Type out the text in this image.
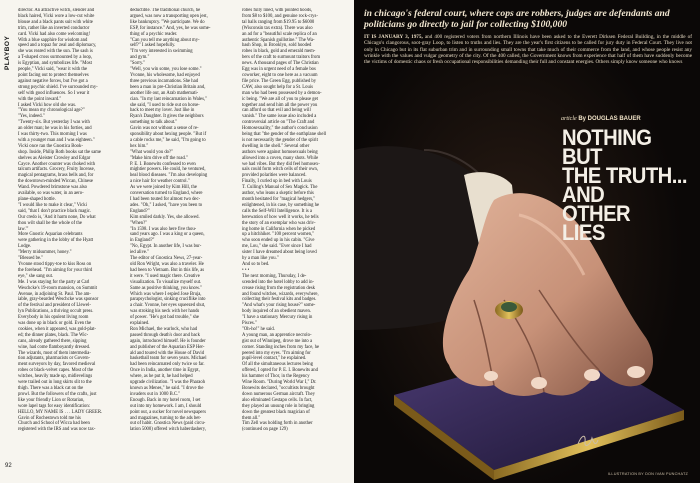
PLAYBOY
director. An attractive witch, slender and
black haired, Vicki wore a low-cut white
blouse and a black pants suit with white
trim, rather like an inverted conductor
card. Vicki had also come welcoming!
With a blue sapphire for wisdom and
speed and a topaz for zeal and diplomacy,
she was reared with the sun. The sash is
a T-shaped cross surmounted by a loop,
is Egyptian, and symbolizes life. "Most
people," Vicki said, "wear it with the
point facing out to protect themselves
against negative forces, but I've got a
strong psychic shield. I've surrounded my-
self with good influences. So I wear it
with the point inward."
I asked Vicki how old she was.
"You mean my chronological age?"
"Yes, indeed."
"Twenty-six. But yesterday I was with
an older man; he was in his forties, and
I was thirty-two. This morning I was
with a younger man and I was eighteen."
Vicki once ran the Gnostica Book-
shop. Inside, Philip Roth books sat the same
shelves as Aleister Crowley and Edgar
Cayce. Another counter was choked with
talcum artifacts. Grocery, Fruity Incense,
magical pentagrams, brass bells and, for
the downtown-minded Wiccan, Chinese
Wand. Powdered brimstone was also
available, so was water, in an aero-
plane-shaped bottle.
"I would like to make it clear," Vicki
said, "that I don't practice black magic.
Our credo is, 'And it harm none, Do what
thou wilt shall be the whole of the
law.'"
More Gnostic Aquarian celebrants
were gathering in the lobby of the Hyatt
Lodge.
"Merry midsummer, honey."
"Blessed be."
Yvonne stood tippy-toe to kiss Ross on
the forehead. "I'm aiming for your third
eye," she sang out.
Me. I was staying for the party at Carl
Weschcke's 19-room mansion, on Summit
Avenue, in adjoining St. Paul. The am-
iable, gray-bearded Weschcke was sponsor
of the festival and president of Llewel-
lyn Publications, a thriving occult press.
Everybody in his opulent living room
was done up in black or gold. Even the
cookies, when it appeared, was gold-plat-
ed; the dinner plates, black. The Wic-
cans, already gathered there, sipping
wine, had come flamboyantly dressed.
The wizards, most of them intermedia-
tion adjutants, pharmacists or Govern-
ment surveyors by day, favored medieval
robes or black-velvet capes. Most of the
witches, heavily made up, midlevelings
were trailed out in long skirts slit to the
thigh. There was a black cat on the
prowl. But the followers of the crafts, just
like your friendly Lion or Rotarian,
wore lapel tags for easy identification:
HELLO, MY NAME IS . . . LADY GREER.
Gavin of Rochestown told me his
Church and School of Wicca had been
registered with the IRS and was now tax-
deductible. The traditional church, he
argued, was now a transporting open jest,
like bankruptcy. "We participate. We do
ESP, for instance." And, yes, he was some-
thing of a psychic reader.
"Can you tell me anything about my-
self?" I asked hopefully.
"I'm very interested in swimming
and gym."
"Sorry."
"Well, you win some, you lose some."
Yvonne, his wholesome, had enjoyed
three previous incarnations. She had
been a man in pre-Christian Britain and,
another life out, an Arab mathemati-
cian. "In my last reincarnation in Wales,"
she said, "I used to ride out on horse-
back to meet my lover. Just like in
Ryan's Daughter. It gives the neighbors
something to talk about."
Gavin was not without a sense of re-
sponsibility about hexing people. "But if
a cable rocks me," he said, "I'm going to
hex him."
"What would you do?"
"Make him drive off the road."
P. E. I. Bonewits confessed to even
mightier powers. He could, he ventured,
heal blood diseases. "I'm also developing
a nice hair for weather control."
As we were joined by Kim Hill, the
conversation turned to England, where
I had been touted for almost two dec-
ades. "Oh," I asked, "have you been to
England?"
Kim smiled darkly. Yes, she allowed.
"When?"
"In 1598. I was also here five thou-
sand years ago. I was a king or a queen,
in England?"
"No, Egypt. In another life, I was bur-
ied alive."
The editor of Gnostica News, 27-year-
old Ron Wright, was also a traveler. He
had been to Vietnam. But in this life, as
it were. "I used magic there. Creative
visualization. To visualize myself out.
Same as positive thinking, you know."
Which was where I espied Jose Bruja,
parapsychologist, sinking cruciflike into
a chair. Yvonne, her eyes squeezed shut,
was stroking his neck with her hands
of power. "He's got bad trouble," she
explained.
Ron Michael, the warlock, who had
passed through death's door and back
again, introduced himself. He is founder
and publisher of the Aquarian ESP Her-
ald and toured with the House of David
basketball team for seven years. Michael
had been reincarnated only twice so far.
Once in India, another time in Egypt,
where, as he put it, he had helped
upgrade civilization. "I was the Pharaoh
known as Menes," he said. "I drove the
invaders out in 1000 B.C."
Enough. Back in my hotel room, I set
out into my homework. I am, I should
point out, a sucker for novel newspapers
and magazines, turning to the ads bet-
out of habit. Gnostica News (paid circu-
lation 5000) offered witch haberdashery,
robes fully lined, with pointed hoods,
from $8 to $100, and genuine rock-crys-
tal balls ranging from $19.95 to $6000
(Wisconsin tax extra). There was also
an ad for a "beautiful scale replica of an
authentic Spanish guillotine." The Wa-
bash Shop, in Brooklyn, sold hooded
robes in black, gold and emerald mem-
bers of the craft to surmount traitors from
news. A thousand pages of The Christian
Egg was in urgent need of a female bos
coworker, eight to one here as a vacuum
file price. The Green Egg, published by
CAW, also sought help for a St. Louis
man who had been possessed by a demon-
ic being. "We are all of you to please get
together and send him all the power you
can afford so that evil and being will
vanish." The same issue also included a
controversial article on "The Craft and
Homosexuality," the author's conclusion
being that "the gender of the earthplane shell
is not necessarily the gender of the spirit
dwelling in the shell." Several other
authors were against homosexuals being
allowed into a coven, many shots. While
we had vibes. But they did feel homosex-
uals could form witch cells of their own,
provided polarities were balanced.
Finally, I curled up in bed with Louis
T. Culling's Manual of Sex Magick. The
author, who leans a skeptic before this
month hesitated for "magical hedgers,"
enlightened, in his case, by something he
calls the Self-Will Intelligence. It is a
herewation of how well it works, he tells
the story of an exemplar who was driv-
ing home in California when he picked
up a hitchhiker. "100 percent women,"
who soon ended up in his cabin. "Give
me, Lou," she said. "Ever since I had
sister I have dreamed about being loved
by a man like you."
And so to bed.
• • •
The next morning, Thursday, I de-
scended into the hotel lobby to add in-
crease rising from the registration desk
and found witches, wizards, everywhere,
collecting their festival kits and badges.
"And what's your rising house?" some-
body inquired of an obedient maven.
"I have a stationary Mercury rising in
Pisces."
"Oh-ho!" he said.
A young man, an apprentice necrolo-
gist out of Winnipeg, drove me into a
corner. Standing inches from my face, he
peered into my eyes. "I'm aiming for
pupil-level contact," he explained.
Of all the simultaneous lectures being
offered, I opted for P. E. I. Bonewits and
his hammer of Thor, in the Regency
Wine Room. "During World War I," Dr.
Bonewits declared, "occultists brought
down numerous German aircraft. They
also eliminated Gestapo cells. In fact,
they played an unsung role in bringing
down the greatest black magician of
them all."
Tim Zell was holding forth in another
(continued on page 129)
92
in chicago's federal court, where cops are robbers, judges are defendants and politicians go directly to jail for collecting $100,000
IT IS JANUARY 3, 1975, and 400 registered voters from northern Illinois have been asked to the Everett Dirksen Federal Building, in the middle of Chicago's clangorous, soot-gray Loop, to listen to truths and lies. They are the year's first citizens to be called for jury duty in Federal Court. They live not only in Chicago but in its flat suburban trim and in surrounding small towns that take much of their commerce from the land, and whose people resist any wrinkle with the values and vulgar geometry of the city. Of the 400 called, the Government knows from experience that half of them have suddenly become the victims of domestic chaos or fresh occupational responsibilities demanding their full and constant energies. Others simply know someone who knows
article By DOUGLAS BAUER
NOTHING BUT
THE TRUTH...
AND
OTHER
LIES
ILLUSTRATION BY DON IVAN PUNCHATZ
